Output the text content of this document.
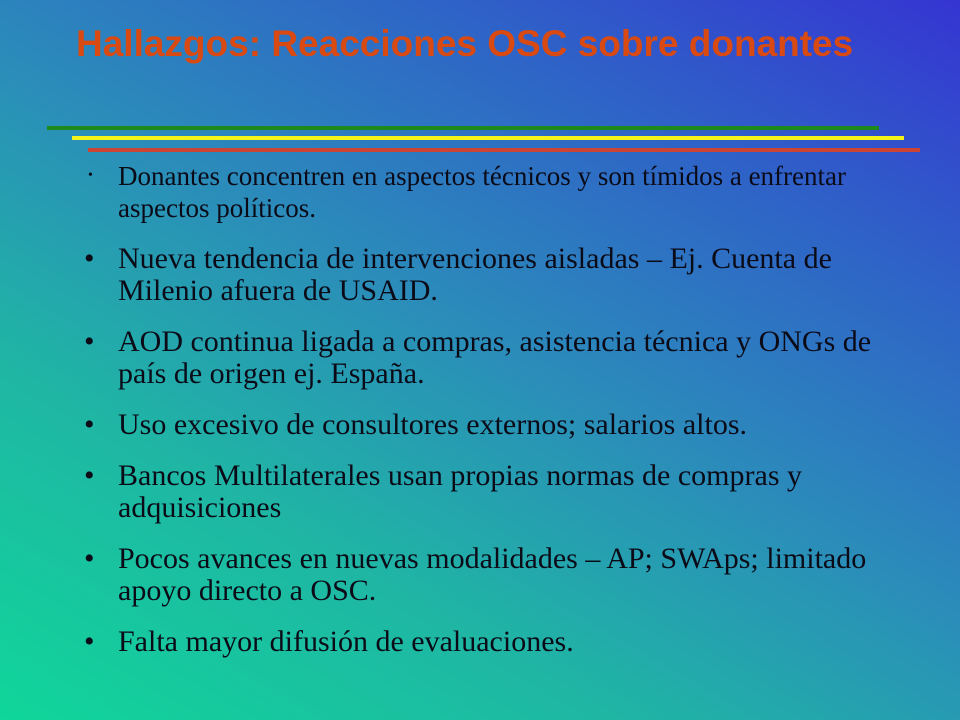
Hallazgos: Reacciones OSC sobre donantes
• Donantes concentren en aspectos técnicos y son tímidos a enfrentar aspectos políticos.
• Nueva tendencia de intervenciones aisladas – Ej. Cuenta de Milenio afuera de USAID.
• AOD continua ligada a compras, asistencia técnica y ONGs de país de origen ej. España.
• Uso excesivo de consultores externos; salarios altos.
• Bancos Multilaterales usan propias normas de compras y adquisiciones
• Pocos avances en nuevas modalidades – AP; SWAps; limitado apoyo directo a OSC.
• Falta mayor difusión de evaluaciones.
